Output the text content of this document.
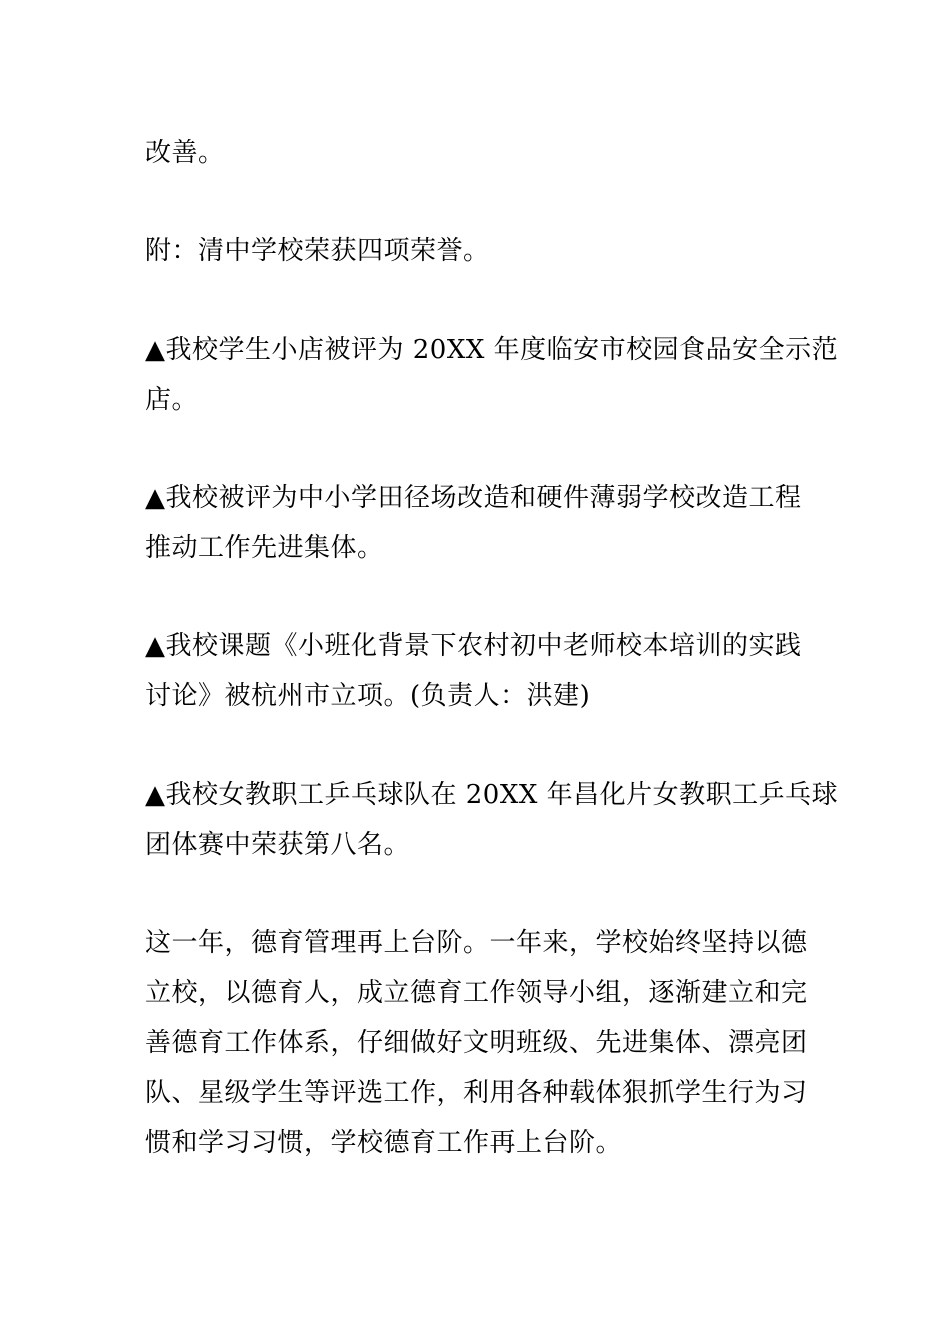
改善。

附：清中学校荣获四项荣誉。

▲我校学生小店被评为 20XX 年度临安市校园食品安全示范
店。

▲我校被评为中小学田径场改造和硬件薄弱学校改造工程
推动工作先进集体。

▲我校课题《小班化背景下农村初中老师校本培训的实践
讨论》被杭州市立项。(负责人：洪建)

▲我校女教职工乒乓球队在 20XX 年昌化片女教职工乒乓球
团体赛中荣获第八名。

这一年，德育管理再上台阶。一年来，学校始终坚持以德
立校，以德育人，成立德育工作领导小组，逐渐建立和完
善德育工作体系，仔细做好文明班级、先进集体、漂亮团
队、星级学生等评选工作，利用各种载体狠抓学生行为习
惯和学习习惯，学校德育工作再上台阶。
